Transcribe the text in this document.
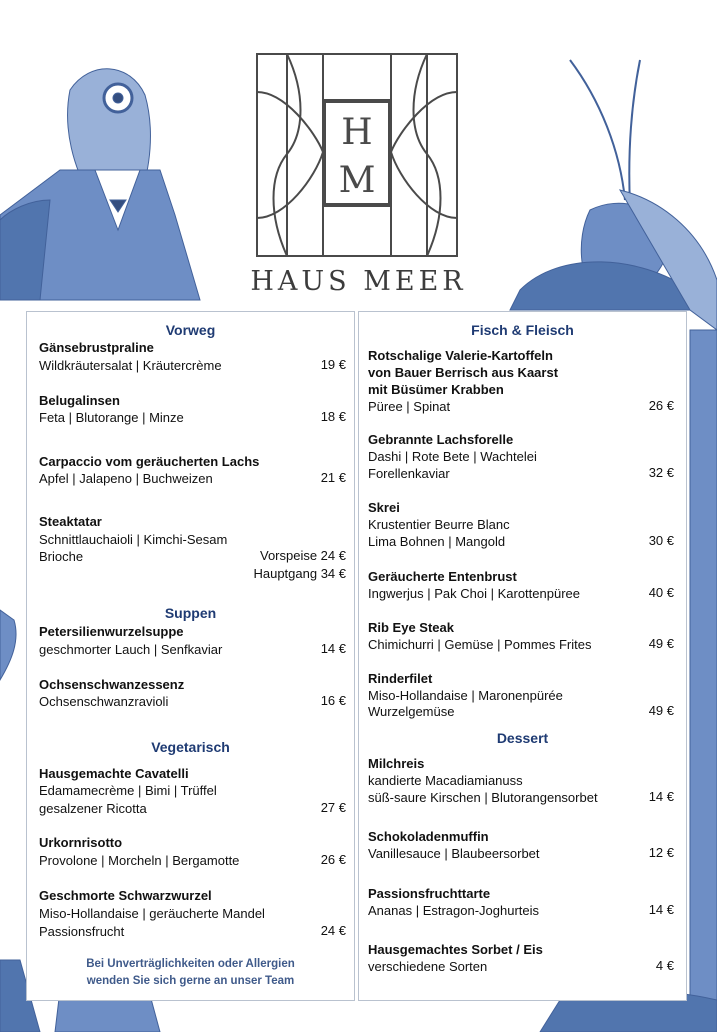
H
M
HAUS MEER
Vorweg
Gänsebrustpraline
Wildkräutersalat | Kräutercrème	19 €
Belugalinsen
Feta | Blutorange | Minze	18 €
Carpaccio vom geräucherten Lachs
Apfel | Jalapeno | Buchweizen	21 €
Steaktatar
Schnittlauchaioli | Kimchi-Sesam
Brioche	Vorspeise 24 €
Hauptgang 34 €
Suppen
Petersilienwurzelsuppe
geschmorter Lauch | Senfkaviar	14 €
Ochsenschwanzessenz
Ochsenschwanzravioli	16 €
Vegetarisch
Hausgemachte Cavatelli
Edamamecrème | Bimi | Trüffel
gesalzener Ricotta	27 €
Urkornrisotto
Provolone | Morcheln | Bergamotte	26 €
Geschmorte Schwarzwurzel
Miso-Hollandaise | geräucherte Mandel
Passionsfrucht	24 €
Bei Unverträglichkeiten oder Allergien
wenden Sie sich gerne an unser Team
Fisch & Fleisch
Rotschalige Valerie-Kartoffeln
von Bauer Berrisch aus Kaarst
mit Büsümer Krabben
Püree | Spinat	26 €
Gebrannte Lachsforelle
Dashi | Rote Bete | Wachtelei
Forellenkaviar	32 €
Skrei
Krustentier Beurre Blanc
Lima Bohnen | Mangold	30 €
Geräucherte Entenbrust
Ingwerjus | Pak Choi | Karottenpüree	40 €
Rib Eye Steak
Chimichurri | Gemüse | Pommes Frites	49 €
Rinderfilet
Miso-Hollandaise | Maronenpürée
Wurzelgemüse	49 €
Dessert
Milchreis
kandierte Macadiamianuss
süß-saure Kirschen | Blutorangensorbet	14 €
Schokoladenmuffin
Vanillesauce | Blaubeersorbet	12 €
Passionsfruchttarte
Ananas | Estragon-Joghurteis	14 €
Hausgemachtes Sorbet / Eis
verschiedene Sorten	4 €
